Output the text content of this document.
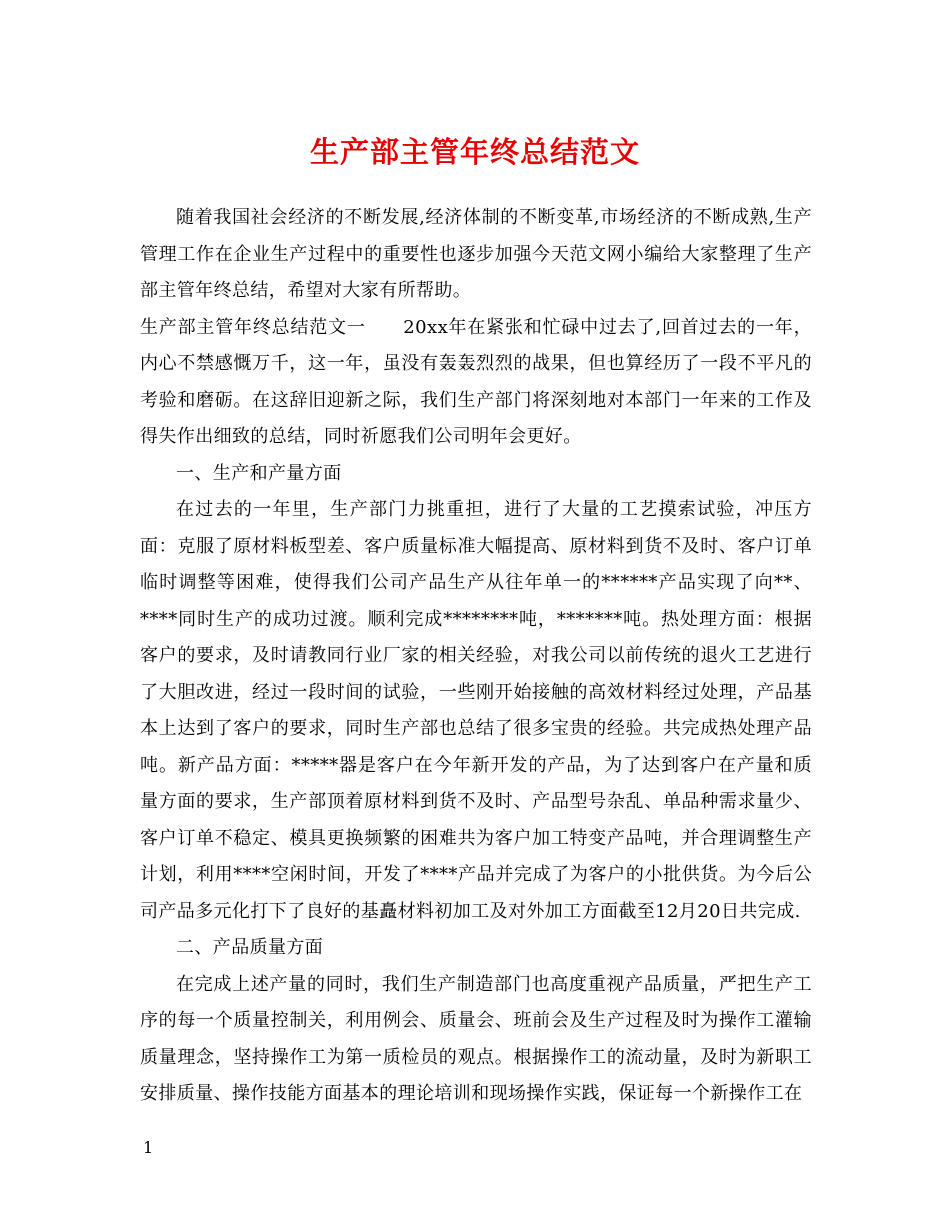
生产部主管年终总结范文

随着我国社会经济的不断发展,经济体制的不断变革,市场经济的不断成熟,生产管理工作在企业生产过程中的重要性也逐步加强今天范文网小编给大家整理了生产部主管年终总结，希望对大家有所帮助。

生产部主管年终总结范文一　　20xx年在紧张和忙碌中过去了,回首过去的一年，内心不禁感慨万千，这一年，虽没有轰轰烈烈的战果，但也算经历了一段不平凡的考验和磨砺。在这辞旧迎新之际，我们生产部门将深刻地对本部门一年来的工作及得失作出细致的总结，同时祈愿我们公司明年会更好。

一、生产和产量方面

在过去的一年里，生产部门力挑重担，进行了大量的工艺摸索试验，冲压方面：克服了原材料板型差、客户质量标准大幅提高、原材料到货不及时、客户订单临时调整等困难，使得我们公司产品生产从往年单一的******产品实现了向**、****同时生产的成功过渡。顺利完成********吨，*******吨。热处理方面：根据客户的要求，及时请教同行业厂家的相关经验，对我公司以前传统的退火工艺进行了大胆改进，经过一段时间的试验，一些刚开始接触的高效材料经过处理，产品基本上达到了客户的要求，同时生产部也总结了很多宝贵的经验。共完成热处理产品吨。新产品方面：*****器是客户在今年新开发的产品，为了达到客户在产量和质量方面的要求，生产部顶着原材料到货不及时、产品型号杂乱、单品种需求量少、客户订单不稳定、模具更换频繁的困难共为客户加工特变产品吨，并合理调整生产计划，利用****空闲时间，开发了****产品并完成了为客户的小批供货。为今后公司产品多元化打下了良好的基矗材料初加工及对外加工方面截至12月20日共完成.

二、产品质量方面

在完成上述产量的同时，我们生产制造部门也高度重视产品质量，严把生产工序的每一个质量控制关，利用例会、质量会、班前会及生产过程及时为操作工灌输质量理念，坚持操作工为第一质检员的观点。根据操作工的流动量，及时为新职工安排质量、操作技能方面基本的理论培训和现场操作实践，保证每一个新操作工在

1
